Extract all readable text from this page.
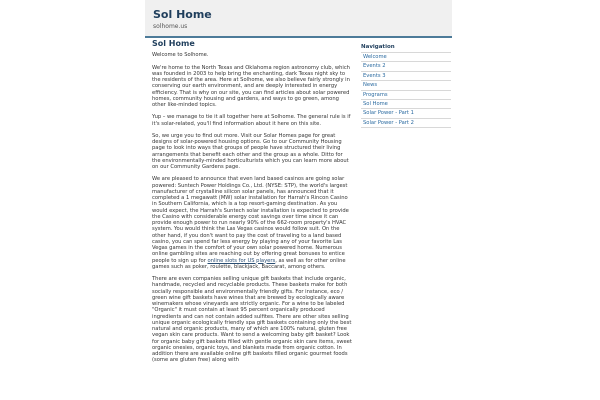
Sol Home
solhome.us
Sol Home

Welcome to Solhome.

We're home to the North Texas and Oklahoma region astronomy club, which was founded in 2003 to help bring the enchanting, dark Texas night sky to the residents of the area. Here at Solhome, we also believe fairly strongly in conserving our earth environment, and are deeply interested in energy efficiency. That is why on our site, you can find articles about solar powered homes, community housing and gardens, and ways to go green, among other like-minded topics.

Yup – we manage to tie it all together here at Solhome. The general rule is if it's solar-related, you'll find information about it here on this site.

So, we urge you to find out more. Visit our Solar Homes page for great designs of solar-powered housing options. Go to our Community Housing page to look into ways that groups of people have structured their living arrangements that benefit each other and the group as a whole. Ditto for the environmentally-minded horticulturists which you can learn more about on our Community Gardens page.

We are pleased to announce that even land based casinos are going solar powered: Suntech Power Holdings Co., Ltd. (NYSE: STP), the world's largest manufacturer of crystalline silicon solar panels, has announced that it completed a 1 megawatt (MW) solar installation for Harrah's Rincon Casino in Southern California, which is a top resort-gaming destination. As you would expect, the Harrah's Suntech solar installation is expected to provide the Casino with considerable energy cost savings over time since it can provide enough power to run nearly 90% of the 662-room property's HVAC system. You would think the Las Vegas casinos would follow suit. On the other hand, if you don't want to pay the cost of traveling to a land based casino, you can spend far less energy by playing any of your favorite Las Vegas games in the comfort of your own solar powered home. Numerous online gambling sites are reaching out by offering great bonuses to entice people to sign up for online slots for US players, as well as for other online games such as poker, roulette, blackjack, Baccarat, among others.

There are even companies selling unique gift baskets that include organic, handmade, recycled and recyclable products. These baskets make for both socially responsible and environmentally friendly gifts. For instance, eco / green wine gift baskets have wines that are brewed by ecologically aware winemakers whose vineyards are strictly organic. For a wine to be labeled "Organic" it must contain at least 95 percent organically produced ingredients and can not contain added sulfites. There are other sites selling unique organic ecologically friendly spa gift baskets containing only the best natural and organic products, many of which are 100% natural, gluten free vegan skin care products. Want to send a welcoming baby gift basket? Look for organic baby gift baskets filled with gentle organic skin care items, sweet organic onesies, organic toys, and blankets made from organic cotton. In addition there are available online gift baskets filled organic gourmet foods (some are gluten free) along with

Navigation
Welcome
Events 2
Events 3
News
Programs
Sol Home
Solar Power - Part 1
Solar Power - Part 2
